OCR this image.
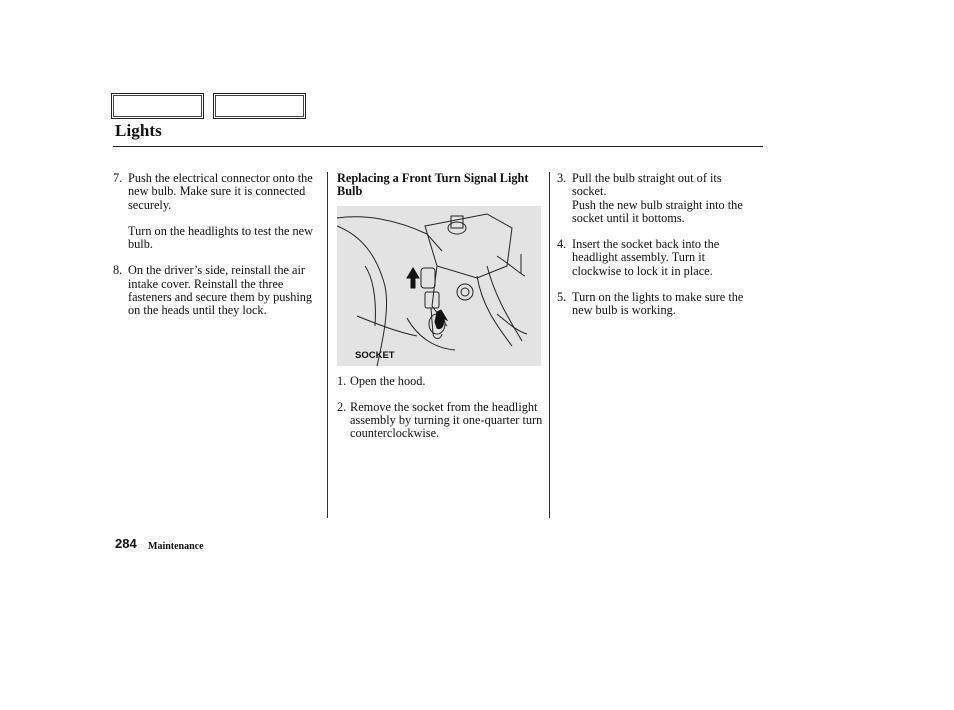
Lights
7. Push the electrical connector onto the new bulb. Make sure it is connected securely.

Turn on the headlights to test the new bulb.

8. On the driver’s side, reinstall the air intake cover. Reinstall the three fasteners and secure them by pushing on the heads until they lock.

Replacing a Front Turn Signal Light Bulb

SOCKET
1. Open the hood.

2. Remove the socket from the headlight assembly by turning it one-quarter turn counterclockwise.

3. Pull the bulb straight out of its socket.

Push the new bulb straight into the socket until it bottoms.

4. Insert the socket back into the headlight assembly. Turn it clockwise to lock it in place.

5. Turn on the lights to make sure the new bulb is working.

284 Maintenance
